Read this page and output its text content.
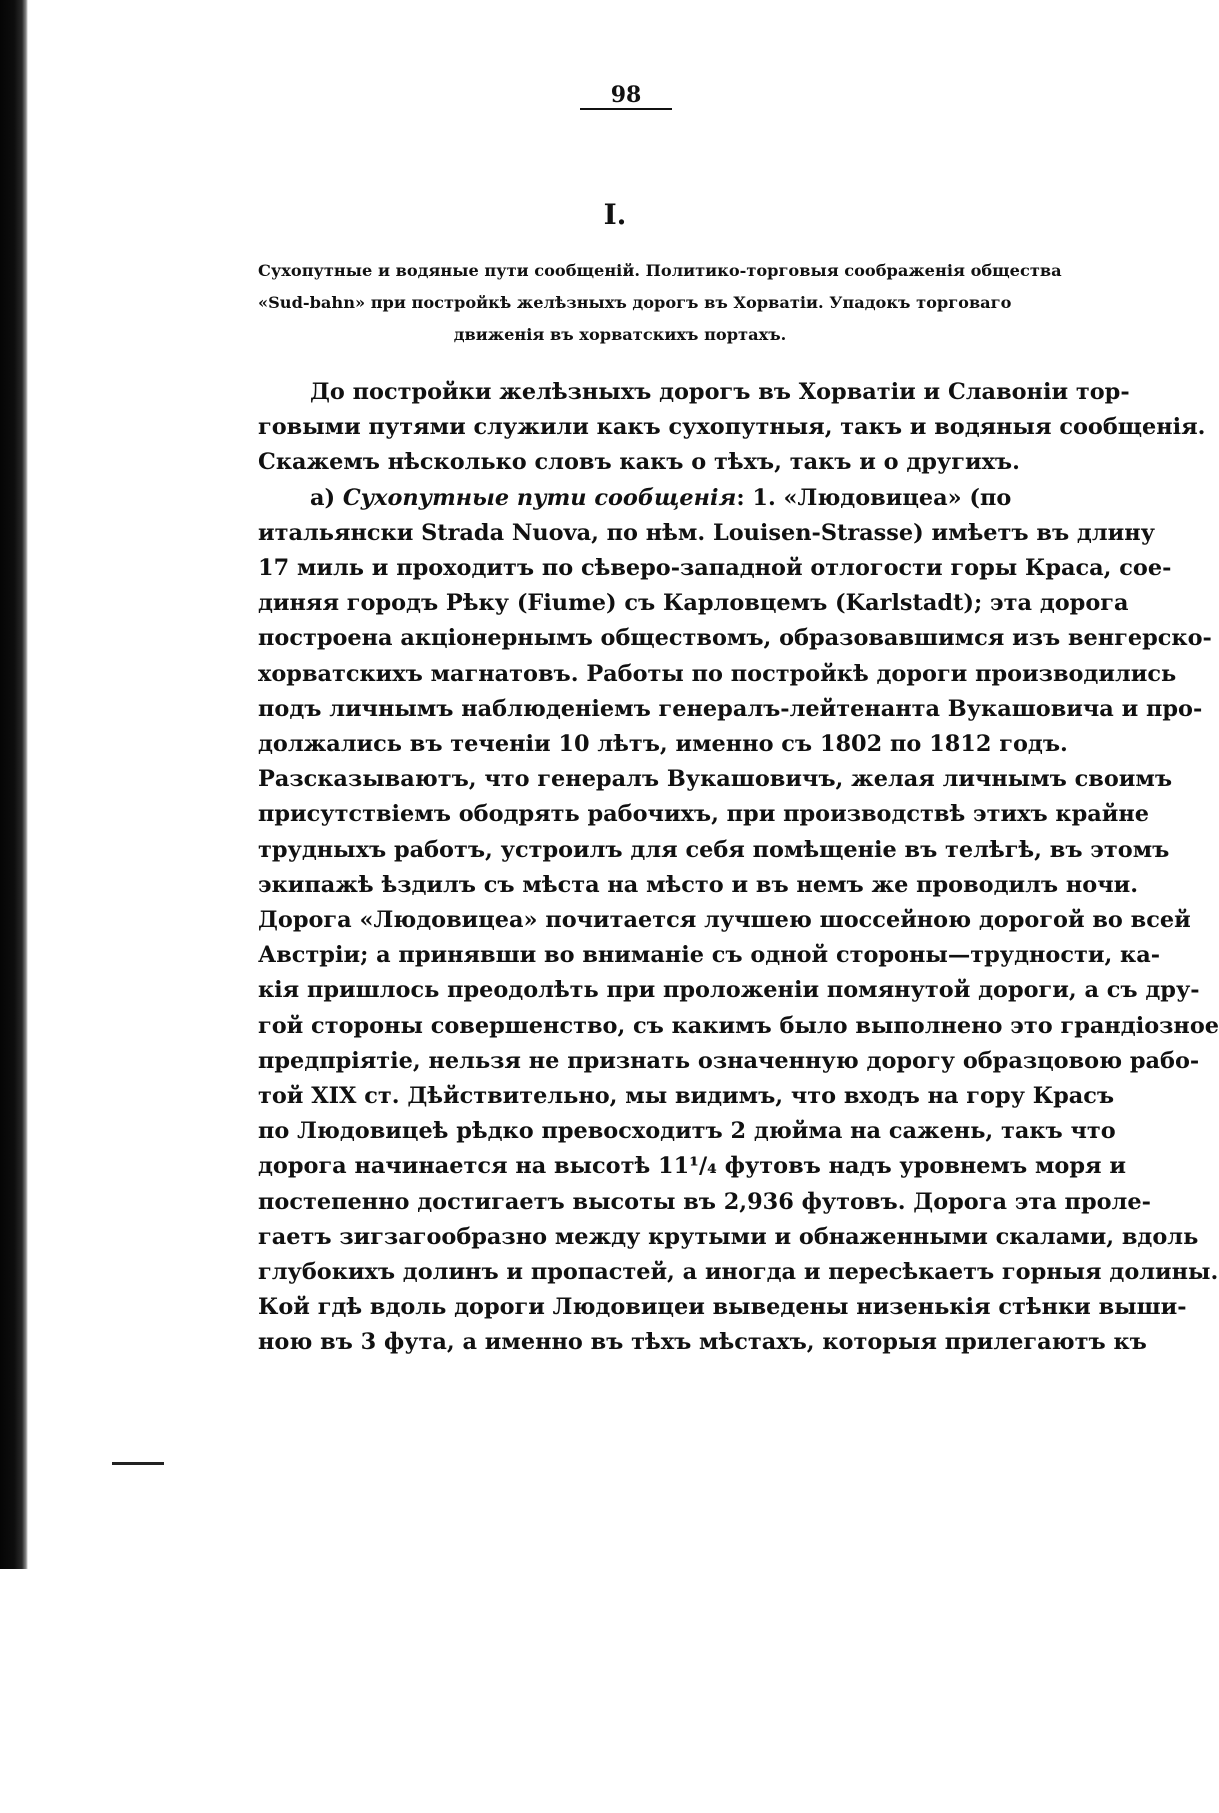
98
I.
Сухопутные и водяные пути сообщеній. Политико-торговыя соображенія общества
«Sud-bahn» при постройкѣ желѣзныхъ дорогъ въ Хорватіи. Упадокъ торговаго
движенія въ хорватскихъ портахъ.
До постройки желѣзныхъ дорогъ въ Хорватіи и Славоніи тор-
говыми путями служили какъ сухопутныя, такъ и водяныя сообщенія.
Скажемъ нѣсколько словъ какъ о тѣхъ, такъ и о другихъ.
а) Сухопутные пути сообщенія: 1. «Людовицеа» (по
итальянски Strada Nuova, по нѣм. Louisen-Strasse) имѣетъ въ длину
17 миль и проходитъ по сѣверо-западной отлогости горы Краса, сое-
диняя городъ Рѣку (Fiume) съ Карловцемъ (Karlstadt); эта дорога
построена акціонернымъ обществомъ, образовавшимся изъ венгерско-
хорватскихъ магнатовъ. Работы по постройкѣ дороги производились
подъ личнымъ наблюденіемъ генералъ-лейтенанта Вукашовича и про-
должались въ теченіи 10 лѣтъ, именно съ 1802 по 1812 годъ.
Разсказываютъ, что генералъ Вукашовичъ, желая личнымъ своимъ
присутствіемъ ободрять рабочихъ, при производствѣ этихъ крайне
трудныхъ работъ, устроилъ для себя помѣщеніе въ телѣгѣ, въ этомъ
экипажѣ ѣздилъ съ мѣста на мѣсто и въ немъ же проводилъ ночи.
Дорога «Людовицеа» почитается лучшею шоссейною дорогой во всей
Австріи; а принявши во вниманіе съ одной стороны—трудности, ка-
кія пришлось преодолѣть при проложеніи помянутой дороги, а съ дру-
гой стороны совершенство, съ какимъ было выполнено это грандіозное
предпріятіе, нельзя не признать означенную дорогу образцовою рабо-
той XIX ст. Дѣйствительно, мы видимъ, что входъ на гору Красъ
по Людовицеѣ рѣдко превосходитъ 2 дюйма на сажень, такъ что
дорога начинается на высотѣ 11¹/₄ футовъ надъ уровнемъ моря и
постепенно достигаетъ высоты въ 2,936 футовъ. Дорога эта проле-
гаетъ зигзагообразно между крутыми и обнаженными скалами, вдоль
глубокихъ долинъ и пропастей, а иногда и пересѣкаетъ горныя долины.
Кой гдѣ вдоль дороги Людовицеи выведены низенькія стѣнки выши-
ною въ 3 фута, а именно въ тѣхъ мѣстахъ, которыя прилегаютъ къ
